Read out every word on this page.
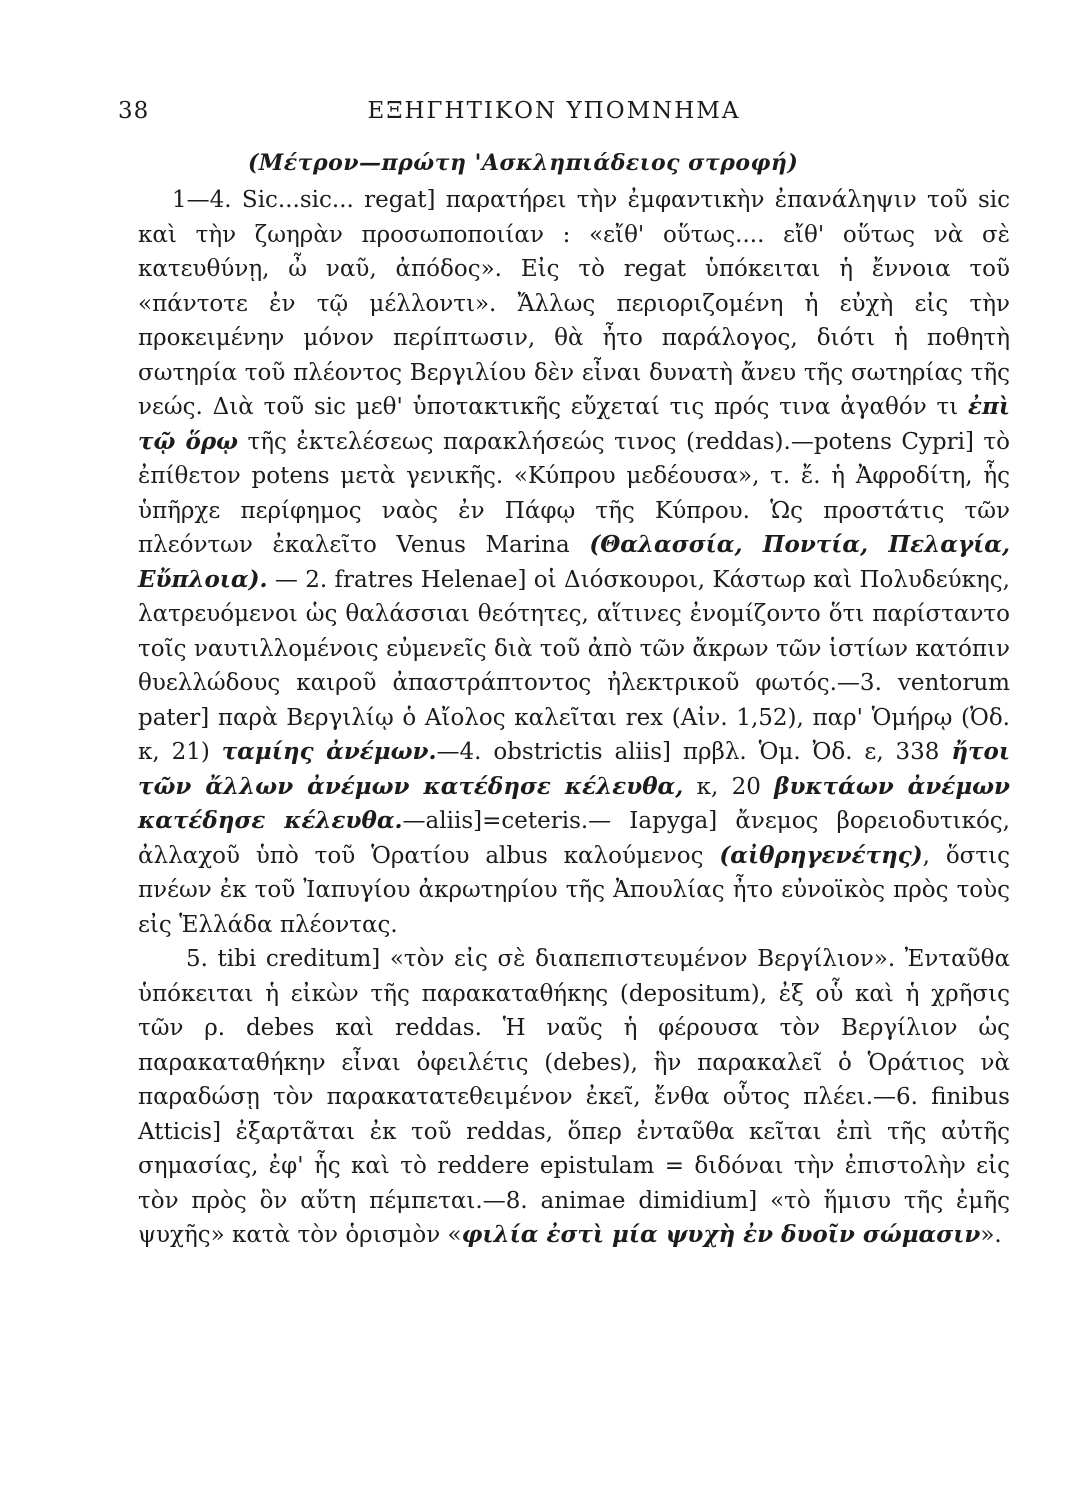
38	ΕΞΗΓΗΤΙΚΟΝ ΥΠΟΜΝΗΜΑ
(Μέτρον—πρώτη 'Ασκληπιάδειος στροφή)

1—4. Sic...sic... regat] παρατήρει τὴν ἐμφαντικὴν ἐπανάληψιν τοῦ sic καὶ τὴν ζωηρὰν προσωποποιίαν : «εἴθ' οὕτως.... εἴθ' οὕτως νὰ σὲ κατευθύνῃ, ὦ ναῦ, ἀπόδος». Εἰς τὸ regat ὑπόκειται ἡ ἔννοια τοῦ «πάντοτε ἐν τῷ μέλλοντι». Ἄλλως περιοριζομένη ἡ εὐχὴ εἰς τὴν προκειμένην μόνον περίπτωσιν, θὰ ἦτο παράλογος, διότι ἡ ποθητὴ σωτηρία τοῦ πλέοντος Βεργιλίου δὲν εἶναι δυνατὴ ἄνευ τῆς σωτηρίας τῆς νεώς. Διὰ τοῦ sic μεθ' ὑποτακτικῆς εὔχεταί τις πρός τινα ἀγαθόν τι ἐπὶ τῷ ὅρῳ τῆς ἐκτελέσεως παρακλήσεώς τινος (reddas).—potens Cypri] τὸ ἐπίθετον potens μετὰ γενικῆς. «Κύπρου μεδέουσα», τ. ἔ. ἡ Ἀφροδίτη, ἧς ὑπῆρχε περίφημος ναὸς ἐν Πάφῳ τῆς Κύπρου. Ὡς προστάτις τῶν πλεόντων ἐκαλεῖτο Venus Marina (Θαλασσία, Ποντία, Πελαγία, Εὔπλοια). — 2. fratres Helenae] οἱ Διόσκουροι, Κάστωρ καὶ Πολυδεύκης, λατρευόμενοι ὡς θαλάσσιαι θεότητες, αἵτινες ἐνομίζοντο ὅτι παρίσταντο τοῖς ναυτιλλομένοις εὐμενεῖς διὰ τοῦ ἀπὸ τῶν ἄκρων τῶν ἱστίων κατόπιν θυελλώδους καιροῦ ἀπαστράπτοντος ἠλεκτρικοῦ φωτός.—3. ventorum pater] παρὰ Βεργιλίῳ ὁ Αἴολος καλεῖται rex (Αἰν. 1,52), παρ' Ὁμήρῳ (Ὀδ. κ, 21) ταμίης ἀνέμων.—4. obstrictis aliis] πρβλ. Ὁμ. Ὀδ. ε, 338 ἤτοι τῶν ἄλλων ἀνέμων κατέδησε κέλευθα, κ, 20 βυκτάων ἀνέμων κατέδησε κέλευθα.—aliis]=ceteris.— Iapyga] ἄνεμος βορειοδυτικός, ἀλλαχοῦ ὑπὸ τοῦ Ὁρατίου albus καλούμενος (αἰθρηγενέτης), ὅστις πνέων ἐκ τοῦ Ἰαπυγίου ἀκρωτηρίου τῆς Ἀπουλίας ἦτο εὐνοϊκὸς πρὸς τοὺς εἰς Ἑλλάδα πλέοντας.

5. tibi creditum] «τὸν εἰς σὲ διαπεπιστευμένον Βεργίλιον». Ἐνταῦθα ὑπόκειται ἡ εἰκὼν τῆς παρακαταθήκης (depositum), ἐξ οὗ καὶ ἡ χρῆσις τῶν ρ. debes καὶ reddas. Ἡ ναῦς ἡ φέρουσα τὸν Βεργίλιον ὡς παρακαταθήκην εἶναι ὀφειλέτις (debes), ἣν παρακαλεῖ ὁ Ὁράτιος νὰ παραδώσῃ τὸν παρακατατεθειμένον ἐκεῖ, ἔνθα οὗτος πλέει.—6. finibus Atticis] ἐξαρτᾶται ἐκ τοῦ reddas, ὅπερ ἐνταῦθα κεῖται ἐπὶ τῆς αὐτῆς σημασίας, ἐφ' ἧς καὶ τὸ reddere epistulam = διδόναι τὴν ἐπιστολὴν εἰς τὸν πρὸς ὃν αὕτη πέμπεται.—8. animae dimidium] «τὸ ἥμισυ τῆς ἐμῆς ψυχῆς» κατὰ τὸν ὁρισμὸν «φιλία ἐστὶ μία ψυχὴ ἐν δυοῖν σώμασιν».
